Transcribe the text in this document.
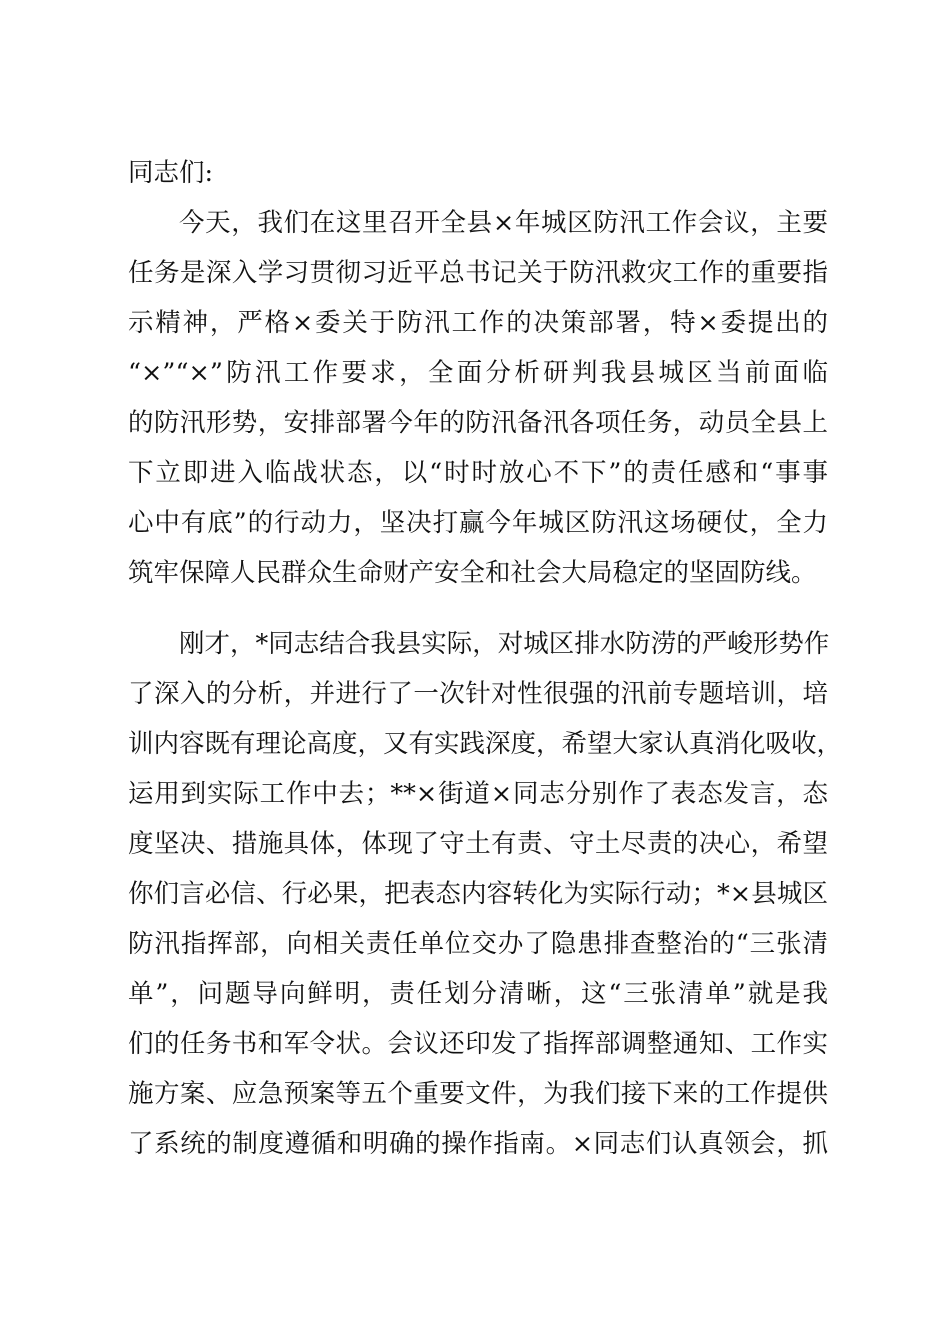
同志们:
今天，我们在这里召开全县×年城区防汛工作会议，主要
任务是深入学习贯彻习近平总书记关于防汛救灾工作的重要指
示精神，严格×委关于防汛工作的决策部署，特×委提出的
“×”“×”防汛工作要求，全面分析研判我县城区当前面临
的防汛形势，安排部署今年的防汛备汛各项任务，动员全县上
下立即进入临战状态，以“时时放心不下”的责任感和“事事
心中有底”的行动力，坚决打赢今年城区防汛这场硬仗，全力
筑牢保障人民群众生命财产安全和社会大局稳定的坚固防线。
刚才，*同志结合我县实际，对城区排水防涝的严峻形势作
了深入的分析，并进行了一次针对性很强的汛前专题培训，培
训内容既有理论高度，又有实践深度，希望大家认真消化吸收，
运用到实际工作中去；**×街道×同志分别作了表态发言，态
度坚决、措施具体，体现了守土有责、守土尽责的决心，希望
你们言必信、行必果，把表态内容转化为实际行动；*×县城区
防汛指挥部，向相关责任单位交办了隐患排查整治的“三张清
单”，问题导向鲜明，责任划分清晰，这“三张清单”就是我
们的任务书和军令状。会议还印发了指挥部调整通知、工作实
施方案、应急预案等五个重要文件，为我们接下来的工作提供
了系统的制度遵循和明确的操作指南。×同志们认真领会，抓
